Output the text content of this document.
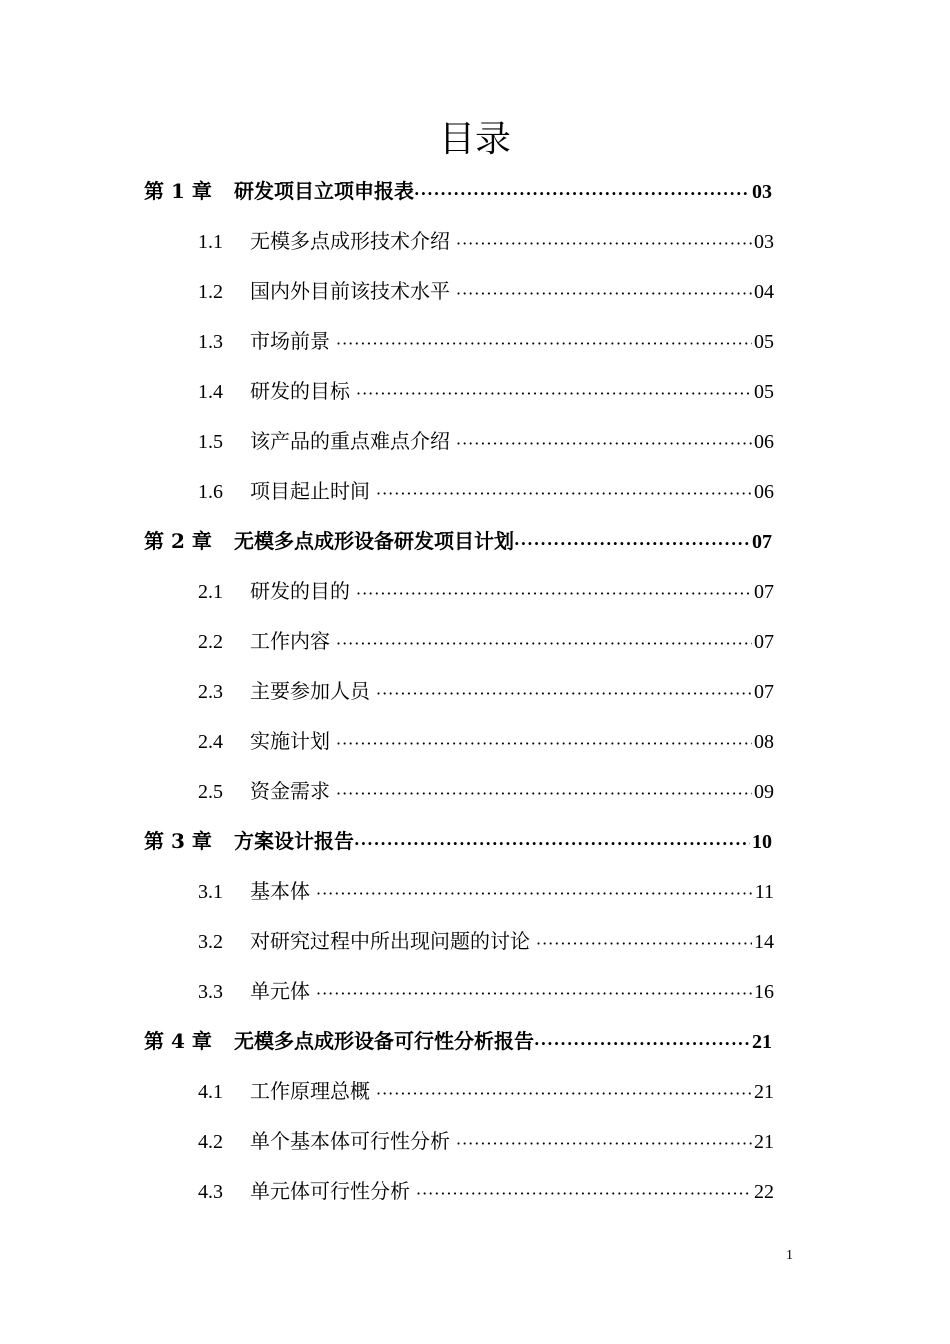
目录
第 1 章	研发项目立项申报表 ·····	03
1.1	无模多点成形技术介绍 ·····	03
1.2	国内外目前该技术水平 ·····	04
1.3	市场前景 ·····	05
1.4	研发的目标 ·····	05
1.5	该产品的重点难点介绍 ·····	06
1.6	项目起止时间 ·····	06
第 2 章	无模多点成形设备研发项目计划 ·····	07
2.1	研发的目的 ·····	07
2.2	工作内容 ·····	07
2.3	主要参加人员 ·····	07
2.4	实施计划 ·····	08
2.5	资金需求 ·····	09
第 3 章	方案设计报告 ·····	10
3.1	基本体 ·····	11
3.2	对研究过程中所出现问题的讨论 ·····	14
3.3	单元体 ·····	16
第 4 章	无模多点成形设备可行性分析报告 ·····	21
4.1	工作原理总概 ·····	21
4.2	单个基本体可行性分析 ·····	21
4.3	单元体可行性分析 ·····	22
1
